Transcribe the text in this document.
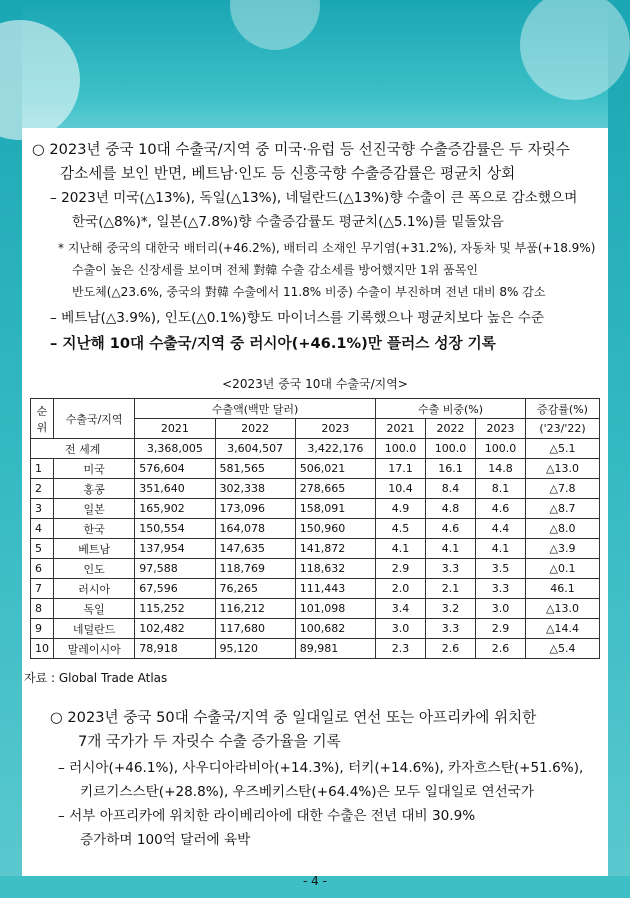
○ 2023년 중국 10대 수출국/지역 중 미국·유럽 등 선진국향 수출증감률은 두 자릿수
감소세를 보인 반면, 베트남·인도 등 신흥국향 수출증감률은 평균치 상회
– 2023년 미국(△13%), 독일(△13%), 네덜란드(△13%)향 수출이 큰 폭으로 감소했으며
한국(△8%)*, 일본(△7.8%)향 수출증감률도 평균치(△5.1%)를 밑돌았음
* 지난해 중국의 대한국 배터리(+46.2%), 배터리 소재인 무기염(+31.2%), 자동차 및 부품(+18.9%)
수출이 높은 신장세를 보이며 전체 對韓 수출 감소세를 방어했지만 1위 품목인
반도체(△23.6%, 중국의 對韓 수출에서 11.8% 비중) 수출이 부진하며 전년 대비 8% 감소
– 베트남(△3.9%), 인도(△0.1%)향도 마이너스를 기록했으나 평균치보다 높은 수준
– 지난해 10대 수출국/지역 중 러시아(+46.1%)만 플러스 성장 기록
<2023년 중국 10대 수출국/지역>
순위	수출국/지역	수출액(백만 달러)			수출 비중(%)			증감률(%)
		2021	2022	2023	2021	2022	2023	('23/'22)
전 세계		3,368,005	3,604,507	3,422,176	100.0	100.0	100.0	△5.1
1	미국	576,604	581,565	506,021	17.1	16.1	14.8	△13.0
2	홍콩	351,640	302,338	278,665	10.4	8.4	8.1	△7.8
3	일본	165,902	173,096	158,091	4.9	4.8	4.6	△8.7
4	한국	150,554	164,078	150,960	4.5	4.6	4.4	△8.0
5	베트남	137,954	147,635	141,872	4.1	4.1	4.1	△3.9
6	인도	97,588	118,769	118,632	2.9	3.3	3.5	△0.1
7	러시아	67,596	76,265	111,443	2.0	2.1	3.3	46.1
8	독일	115,252	116,212	101,098	3.4	3.2	3.0	△13.0
9	네덜란드	102,482	117,680	100,682	3.0	3.3	2.9	△14.4
10	말레이시아	78,918	95,120	89,981	2.3	2.6	2.6	△5.4
자료 : Global Trade Atlas
○ 2023년 중국 50대 수출국/지역 중 일대일로 연선 또는 아프리카에 위치한
7개 국가가 두 자릿수 수출 증가율을 기록
– 러시아(+46.1%), 사우디아라비아(+14.3%), 터키(+14.6%), 카자흐스탄(+51.6%),
키르기스스탄(+28.8%), 우즈베키스탄(+64.4%)은 모두 일대일로 연선국가
– 서부 아프리카에 위치한 라이베리아에 대한 수출은 전년 대비 30.9%
증가하며 100억 달러에 육박
- 4 -
